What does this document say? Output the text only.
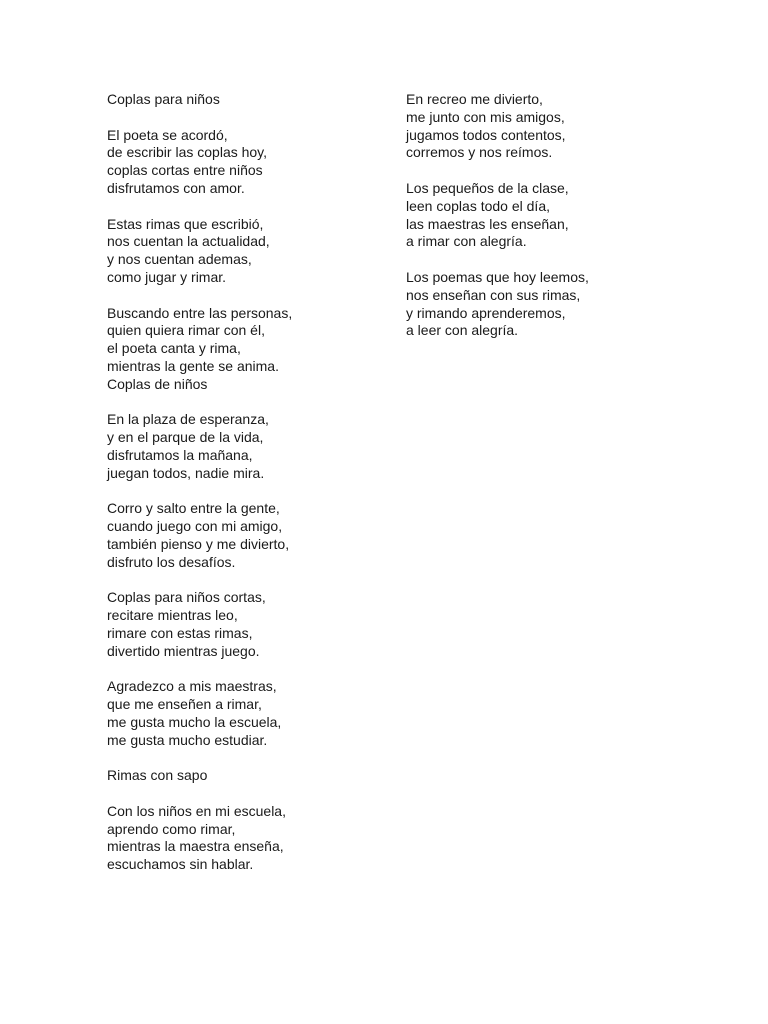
Coplas para niños
El poeta se acordó,
de escribir las coplas hoy,
coplas cortas entre niños
disfrutamos con amor.
Estas rimas que escribió,
nos cuentan la actualidad,
y nos cuentan ademas,
como jugar y rimar.
Buscando entre las personas,
quien quiera rimar con él,
el poeta canta y rima,
mientras la gente se anima.
Coplas de niños
En la plaza de esperanza,
y en el parque de la vida,
disfrutamos la mañana,
juegan todos, nadie mira.
Corro y salto entre la gente,
cuando juego con mi amigo,
también pienso y me divierto,
disfruto los desafíos.
Coplas para niños cortas,
recitare mientras leo,
rimare con estas rimas,
divertido mientras juego.
Agradezco a mis maestras,
que me enseñen a rimar,
me gusta mucho la escuela,
me gusta mucho estudiar.
Rimas con sapo
Con los niños en mi escuela,
aprendo como rimar,
mientras la maestra enseña,
escuchamos sin hablar.
En recreo me divierto,
me junto con mis amigos,
jugamos todos contentos,
corremos y nos reímos.
Los pequeños de la clase,
leen coplas todo el día,
las maestras les enseñan,
a rimar con alegría.
Los poemas que hoy leemos,
nos enseñan con sus rimas,
y rimando aprenderemos,
a leer con alegría.
